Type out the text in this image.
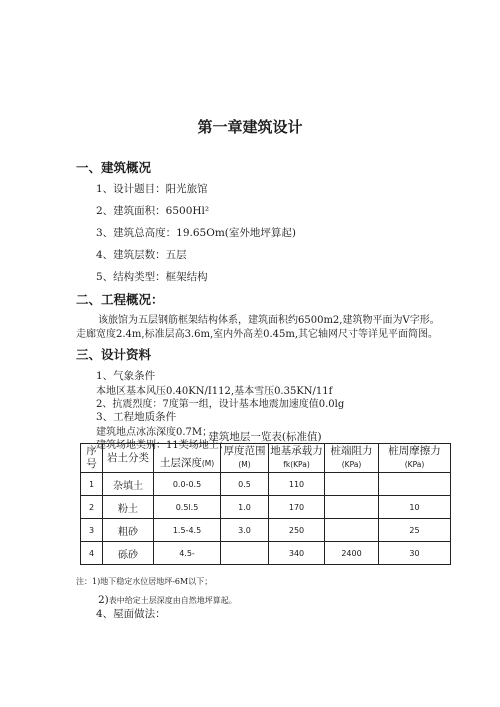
第一章建筑设计
一、建筑概况
1、设计题目：阳光旅馆
2、建筑面积：6500Hl²
3、建筑总高度：19.65Om(室外地坪算起)
4、建筑层数：五层
5、结构类型：框架结构
二、工程概况：
该旅馆为五层钢筋框架结构体系，建筑面积约6500m2,建筑物平面为V字形。
走廊宽度2.4m,标准层高3.6m,室内外高差0.45m,其它轴网尺寸等详见平面简图。
三、设计资料
1、气象条件
本地区基本风压0.40KN/I112,基本雪压0.35KN/11f
2、抗震烈度：7度第一组，设计基本地震加速度值0.0lg
3、工程地质条件
建筑地点冰冻深度0.7M；
建筑场地类别：11类场地土；
建筑地层一览表(标准值)
序
号	岩土分类	土层深度(M)	厚度范围
(M)	地基承载力
fk(KPa)	桩端阻力
(KPa)	桩周摩擦力
(KPa)

1	杂填土	0.0-0.5	0.5	110		
2	粉土	0.5l.5	1.0	170		10
3	粗砂	1.5-4.5	3.0	250		25
4	砾砂	4.5-		340	2400	30
注：1)地下稳定水位居地坪-6M以下；
2)表中给定土层深度由自然地坪算起。
4、屋面做法：
